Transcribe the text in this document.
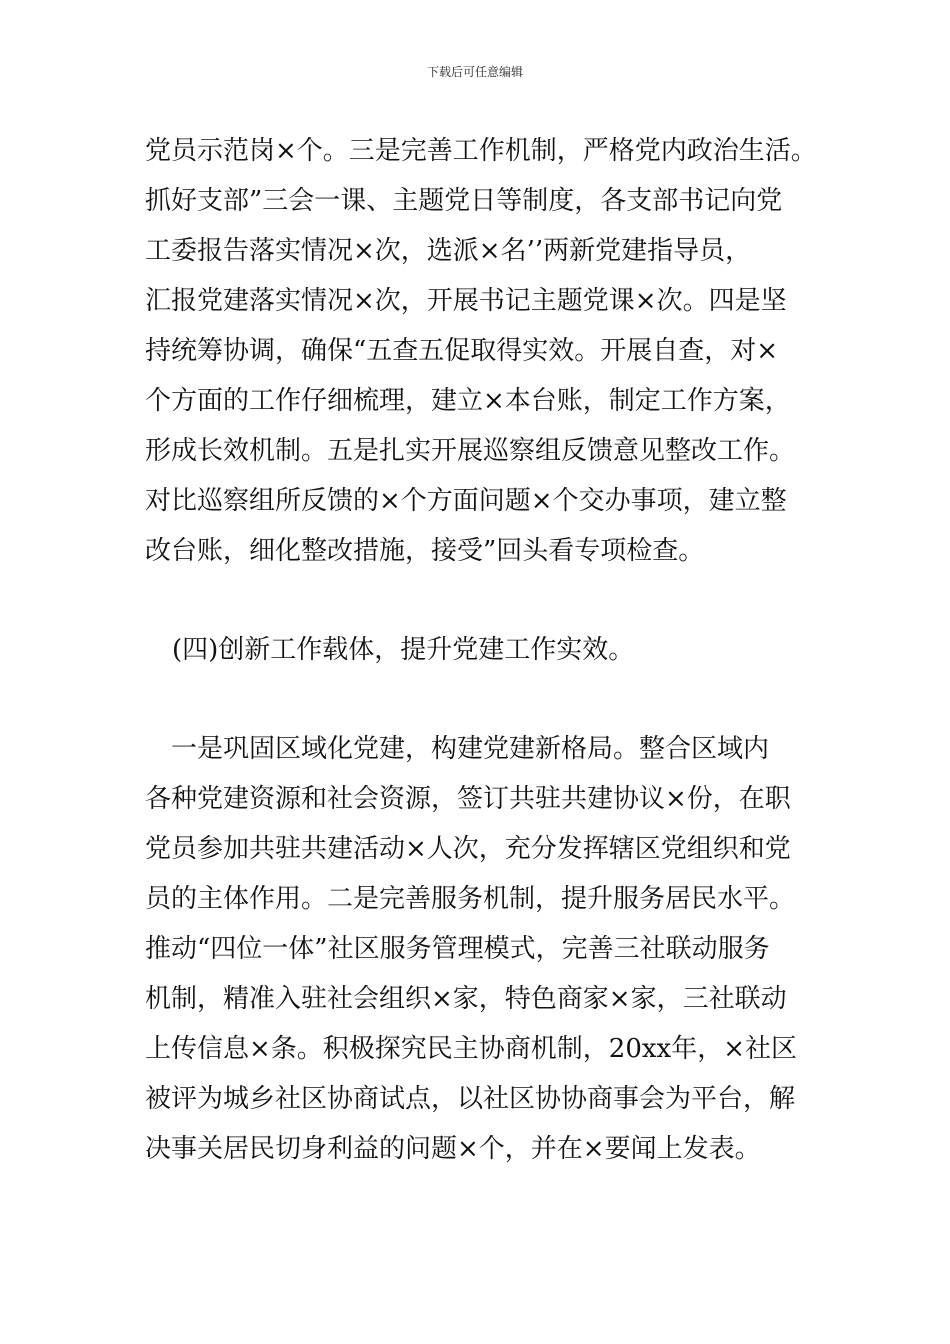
下载后可任意编辑
党员示范岗×个。三是完善工作机制，严格党内政治生活。
抓好支部”三会一课、主题党日等制度，各支部书记向党
工委报告落实情况×次，选派×名’’两新党建指导员，
汇报党建落实情况×次，开展书记主题党课×次。四是坚
持统筹协调，确保“五查五促取得实效。开展自查，对×
个方面的工作仔细梳理，建立×本台账，制定工作方案，
形成长效机制。五是扎实开展巡察组反馈意见整改工作。
对比巡察组所反馈的×个方面问题×个交办事项，建立整
改台账，细化整改措施，接受”回头看专项检查。
(四)创新工作载体，提升党建工作实效。
　一是巩固区域化党建，构建党建新格局。整合区域内
各种党建资源和社会资源，签订共驻共建协议×份，在职
党员参加共驻共建活动×人次，充分发挥辖区党组织和党
员的主体作用。二是完善服务机制，提升服务居民水平。
推动“四位一体”社区服务管理模式，完善三社联动服务
机制，精准入驻社会组织×家，特色商家×家，三社联动
上传信息×条。积极探究民主协商机制，20xx年，×社区
被评为城乡社区协商试点，以社区协协商事会为平台，解
决事关居民切身利益的问题×个，并在×要闻上发表。
